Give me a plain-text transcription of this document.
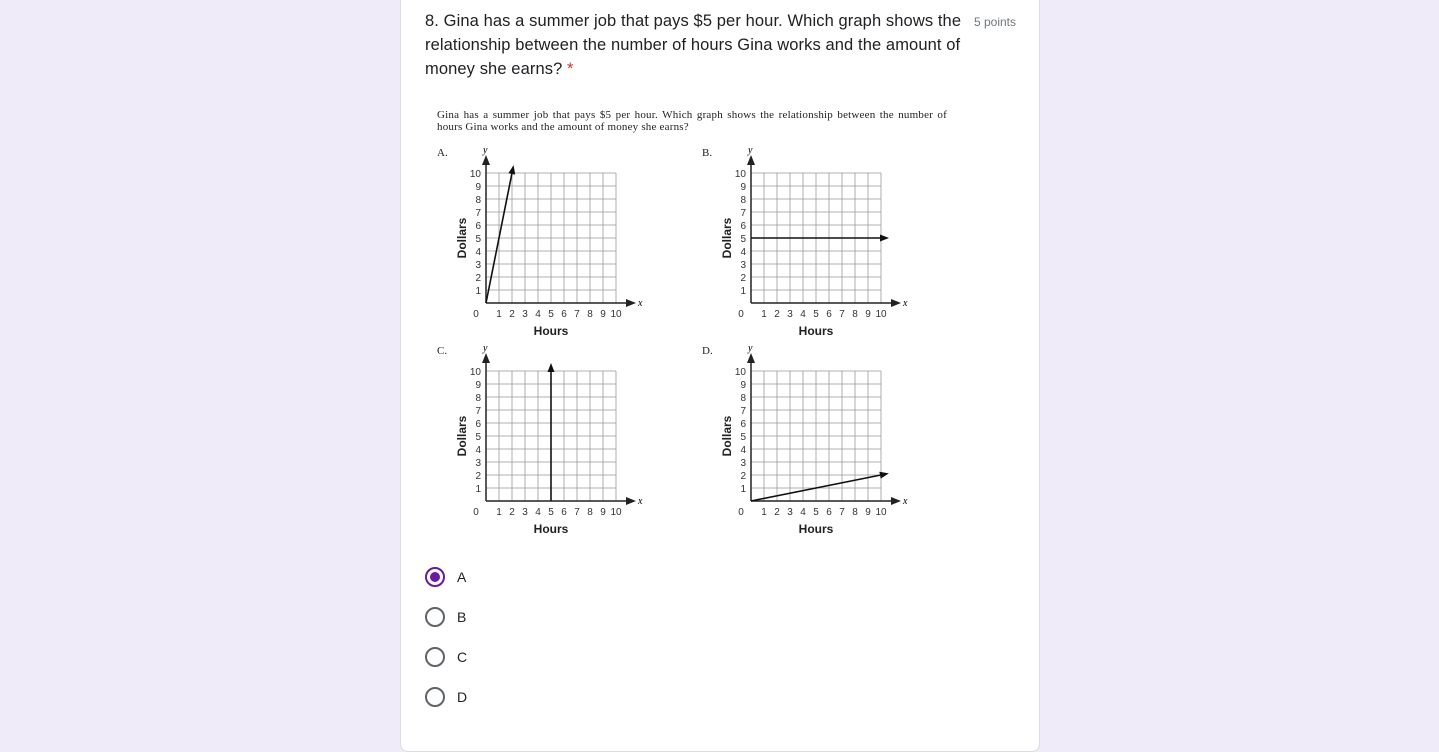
8. Gina has a summer job that pays $5 per hour. Which graph shows the relationship between the number of hours Gina works and the amount of money she earns? *
5 points
Gina has a summer job that pays $5 per hour. Which graph shows the relationship between the number of hours Gina works and the amount of money she earns?
A.	y
x
0
1
1
2
2
3
3
4
4
5
5
6
6
7
7
8
8
9
9
10
10
Hours
Dollars
B.	y
x
0
1
1
2
2
3
3
4
4
5
5
6
6
7
7
8
8
9
9
10
10
Hours
Dollars
C.	y
x
0
1
1
2
2
3
3
4
4
5
5
6
6
7
7
8
8
9
9
10
10
Hours
Dollars
D.	y
x
0
1
1
2
2
3
3
4
4
5
5
6
6
7
7
8
8
9
9
10
10
Hours
Dollars
A
B
C
D
